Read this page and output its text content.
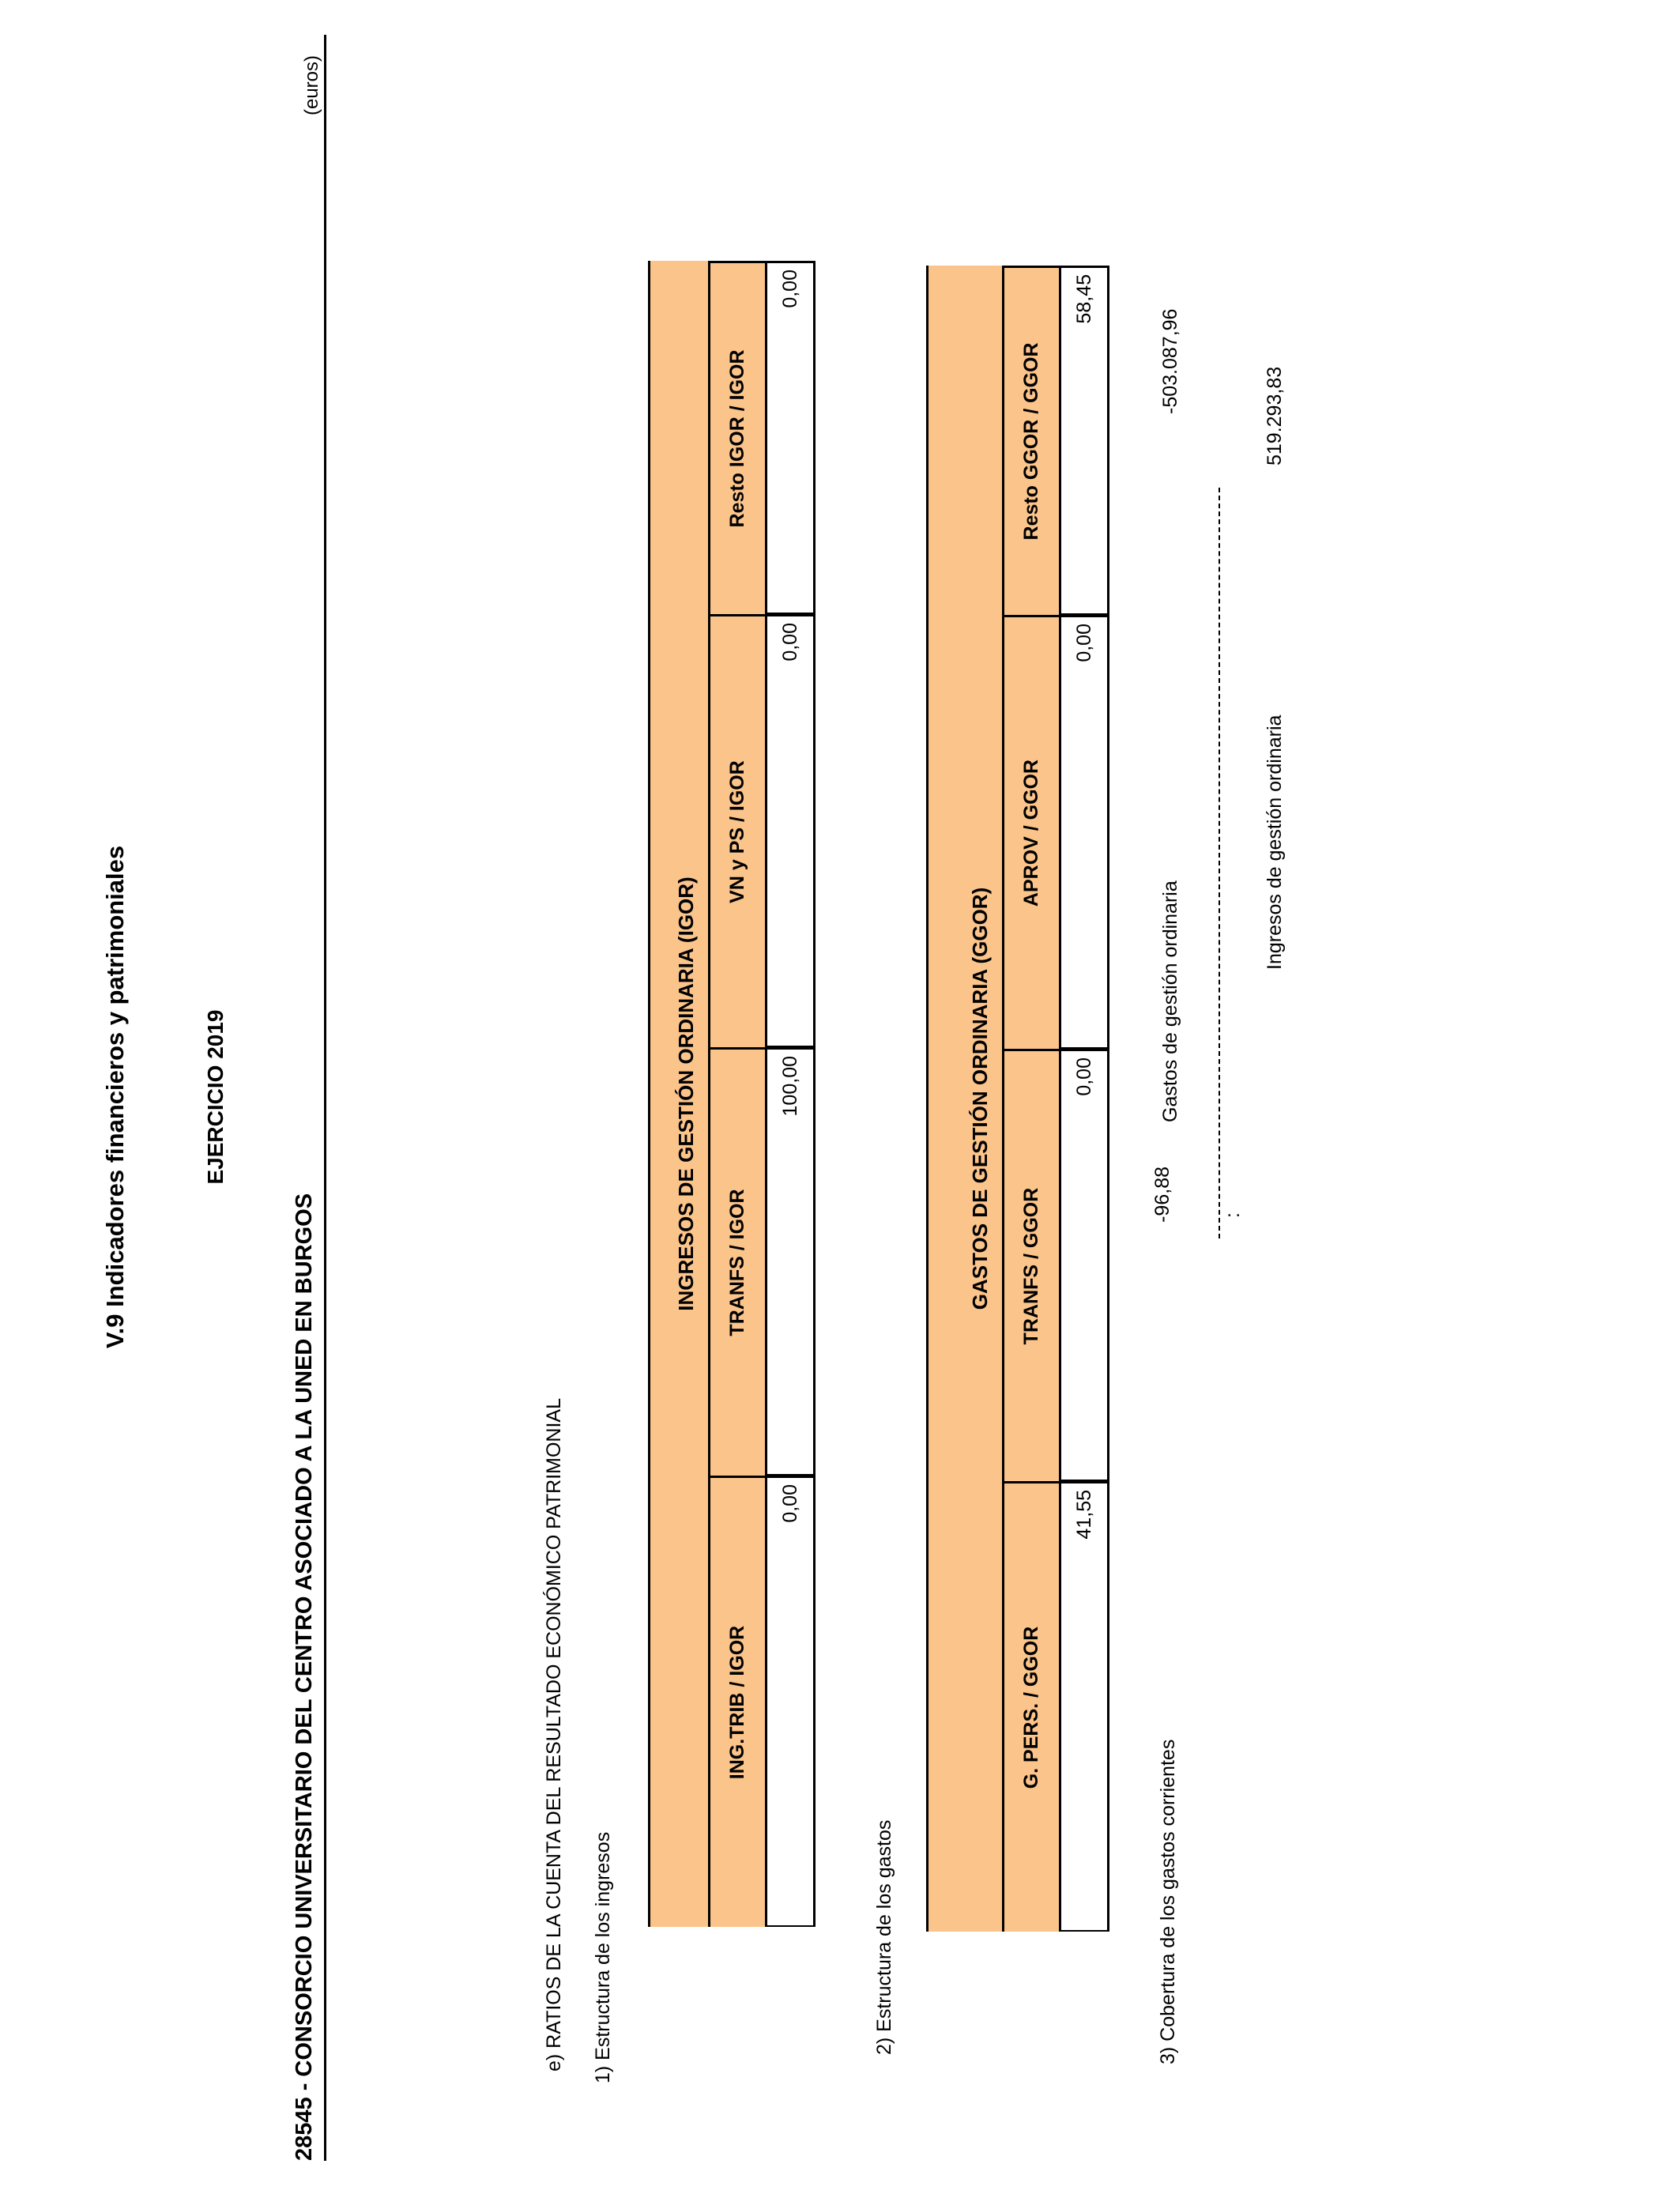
V.9 Indicadores financieros y patrimoniales	EJERCICIO 2019
28545 - CONSORCIO UNIVERSITARIO DEL CENTRO ASOCIADO A LA UNED EN BURGOS
(euros)
e) RATIOS DE LA CUENTA DEL RESULTADO ECONÓMICO PATRIMONIAL 1) Estructura de los ingresos
INGRESOS DE GESTIÓN ORDINARIA (IGOR)
ING.TRIB / IGOR
TRANFS / IGOR
VN y PS / IGOR
Resto IGOR / IGOR
0,00
100,00
0,00
0,00
2) Estructura de los gastos
GASTOS DE GESTIÓN ORDINARIA (GGOR)
G. PERS. / GGOR
TRANFS / GGOR
APROV / GGOR
Resto GGOR / GGOR
41,55
0,00
0,00
58,45
3) Cobertura de los gastos corrientes
-96,88 :
Gastos de gestión ordinaria
-503.087,96
Ingresos de gestión ordinaria
519.293,83
